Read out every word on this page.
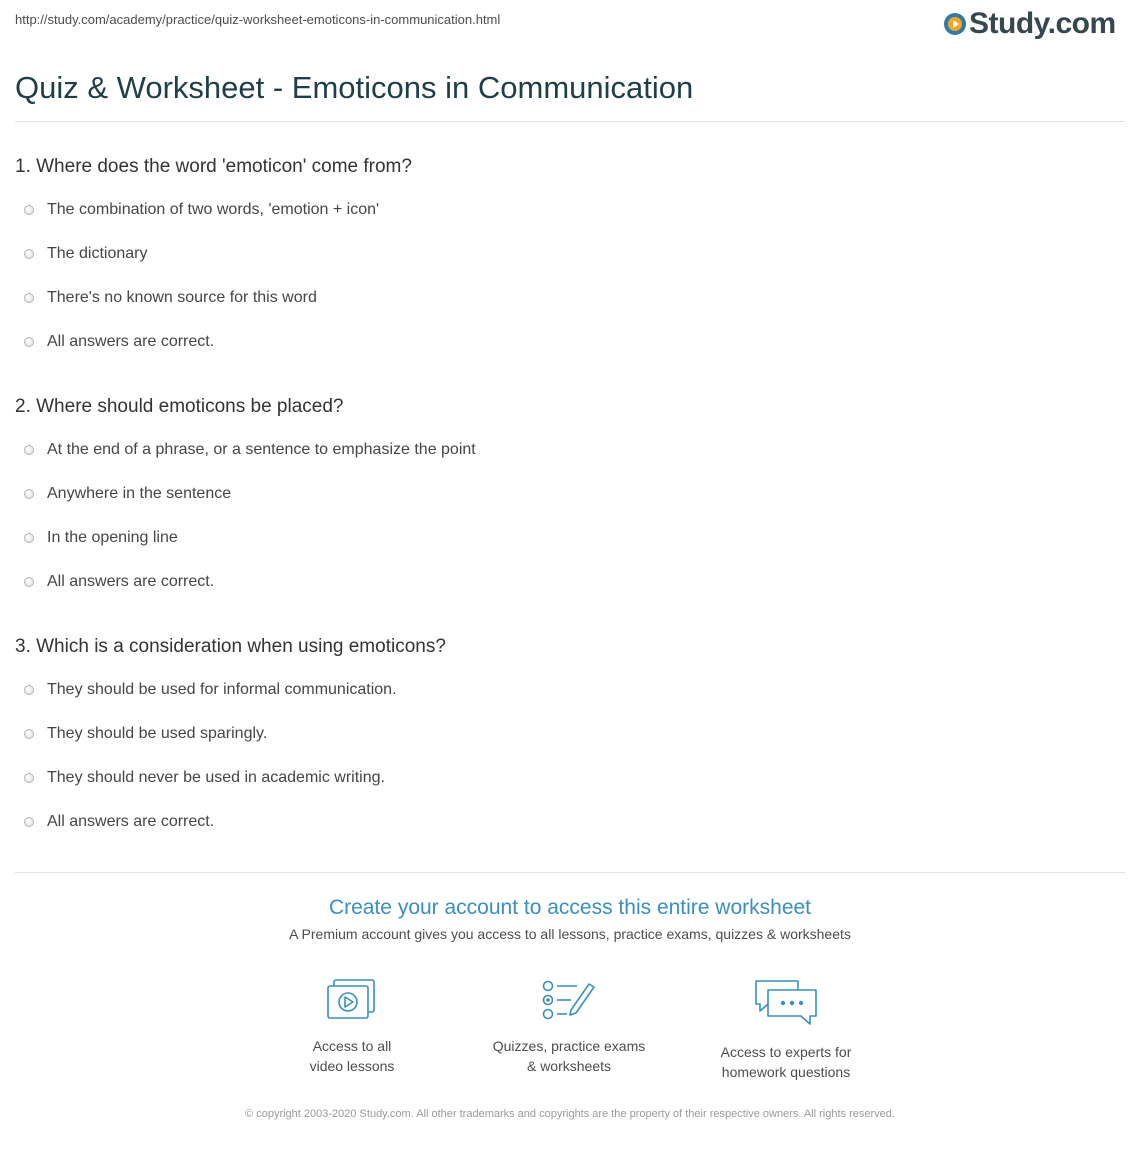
http://study.com/academy/practice/quiz-worksheet-emoticons-in-communication.html	Study.com
Quiz & Worksheet - Emoticons in Communication
1. Where does the word 'emoticon' come from?
The combination of two words, 'emotion + icon'
The dictionary
There's no known source for this word
All answers are correct.
2. Where should emoticons be placed?
At the end of a phrase, or a sentence to emphasize the point
Anywhere in the sentence
In the opening line
All answers are correct.
3. Which is a consideration when using emoticons?
They should be used for informal communication.
They should be used sparingly.
They should never be used in academic writing.
All answers are correct.
Create your account to access this entire worksheet
A Premium account gives you access to all lessons, practice exams, quizzes & worksheets
Access to all
video lessons
Quizzes, practice exams
& worksheets
Access to experts for
homework questions
© copyright 2003-2020 Study.com. All other trademarks and copyrights are the property of their respective owners. All rights reserved.
